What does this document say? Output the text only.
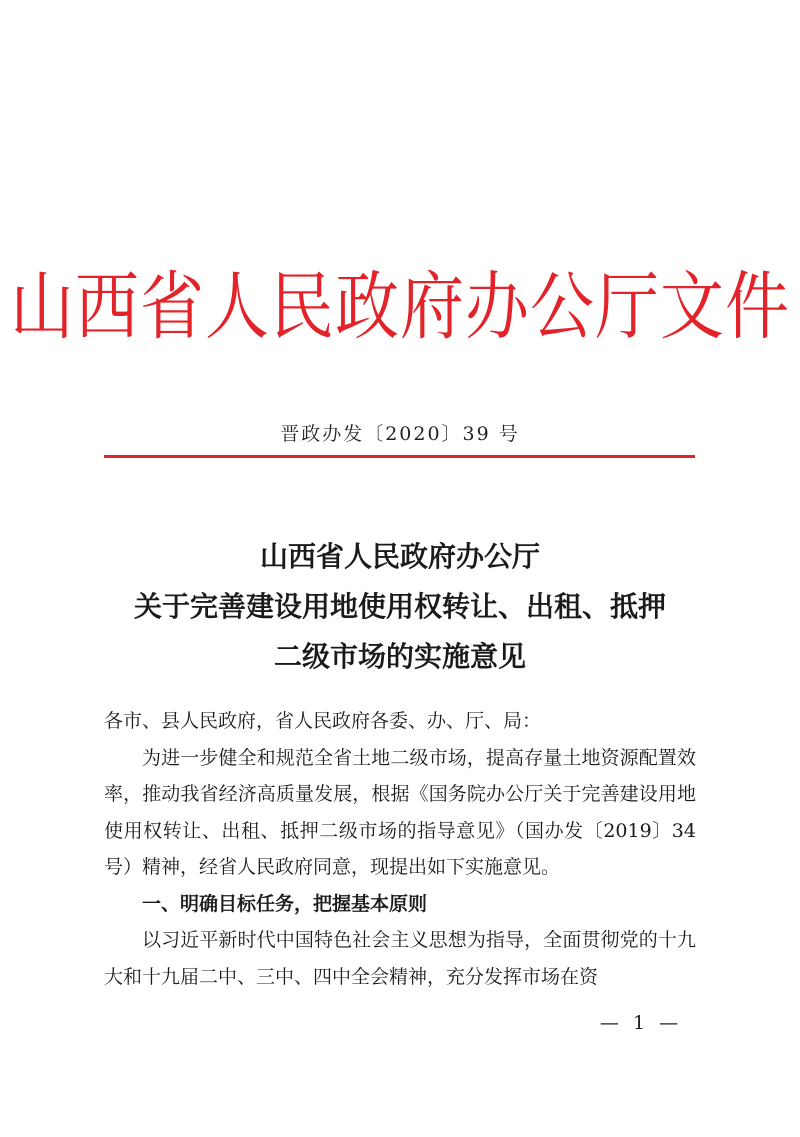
山西省人民政府办公厅文件
晋政办发〔2020〕39 号
山西省人民政府办公厅
关于完善建设用地使用权转让、出租、抵押
二级市场的实施意见

各市、县人民政府，省人民政府各委、办、厅、局：

为进一步健全和规范全省土地二级市场，提高存量土地资源配置效率，推动我省经济高质量发展，根据《国务院办公厅关于完善建设用地使用权转让、出租、抵押二级市场的指导意见》（国办发〔2019〕34 号）精神，经省人民政府同意，现提出如下实施意见。

一、明确目标任务，把握基本原则

以习近平新时代中国特色社会主义思想为指导，全面贯彻党的十九大和十九届二中、三中、四中全会精神，充分发挥市场在资

— 1 —
